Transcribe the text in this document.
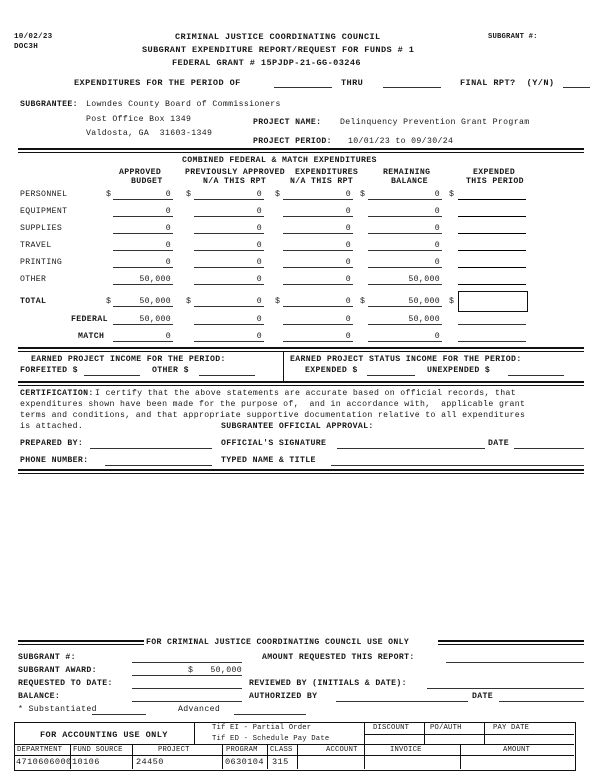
10/02/23
DOC3H
SUBGRANT #:
CRIMINAL JUSTICE COORDINATING COUNCIL
SUBGRANT EXPENDITURE REPORT/REQUEST FOR FUNDS # 1
FEDERAL GRANT # 15PJDP-21-GG-03246
EXPENDITURES FOR THE PERIOD OF	THRU	FINAL RPT?  (Y/N)
SUBGRANTEE: Lowndes County Board of Commissioners
Post Office Box 1349
Valdosta, GA  31603-1349
PROJECT NAME: Delinquency Prevention Grant Program
PROJECT PERIOD: 10/01/23 to 09/30/24
COMBINED FEDERAL & MATCH EXPENDITURES
APPROVED
BUDGET
PREVIOUSLY APPROVED
N/A THIS RPT
EXPENDITURES
N/A THIS RPT
REMAINING
BALANCE
EXPENDED
THIS PERIOD
PERSONNEL	$	0 $	0 $	0 $	0 $
EQUIPMENT	0	0	0	0
SUPPLIES	0	0	0	0
TRAVEL	0	0	0	0
PRINTING	0	0	0	0
OTHER	50,000	0	0	50,000
TOTAL	$	50,000 $	0 $	0 $	50,000 $
FEDERAL	50,000	0	0	50,000
MATCH	0	0	0	0
EARNED PROJECT INCOME FOR THE PERIOD:
FORFEITED $	OTHER $
EARNED PROJECT STATUS INCOME FOR THE PERIOD:
EXPENDED $	UNEXPENDED $
CERTIFICATION: I certify that the above statements are accurate based on official records, that
expenditures shown have been made for the purpose of,  and in accordance with,  applicable grant
terms and conditions, and that appropriate supportive documentation relative to all expenditures
is attached.	SUBGRANTEE OFFICIAL APPROVAL:
PREPARED BY:	OFFICIAL'S SIGNATURE	DATE
PHONE NUMBER:	TYPED NAME & TITLE
FOR CRIMINAL JUSTICE COORDINATING COUNCIL USE ONLY
SUBGRANT #:
SUBGRANT AWARD:	$	50,000
REQUESTED TO DATE:
BALANCE:
AMOUNT REQUESTED THIS REPORT:
REVIEWED BY (INITIALS & DATE):
AUTHORIZED BY	DATE
* Substantiated	Advanced
FOR ACCOUNTING USE ONLY
Tif EI - Partial Order
Tif ED - Schedule Pay Date
DISCOUNT	PO/AUTH	PAY DATE
DEPARTMENT FUND SOURCE	PROJECT	PROGRAM CLASS	ACCOUNT	INVOICE	AMOUNT
4710606000 10106	24450	0630104 315
